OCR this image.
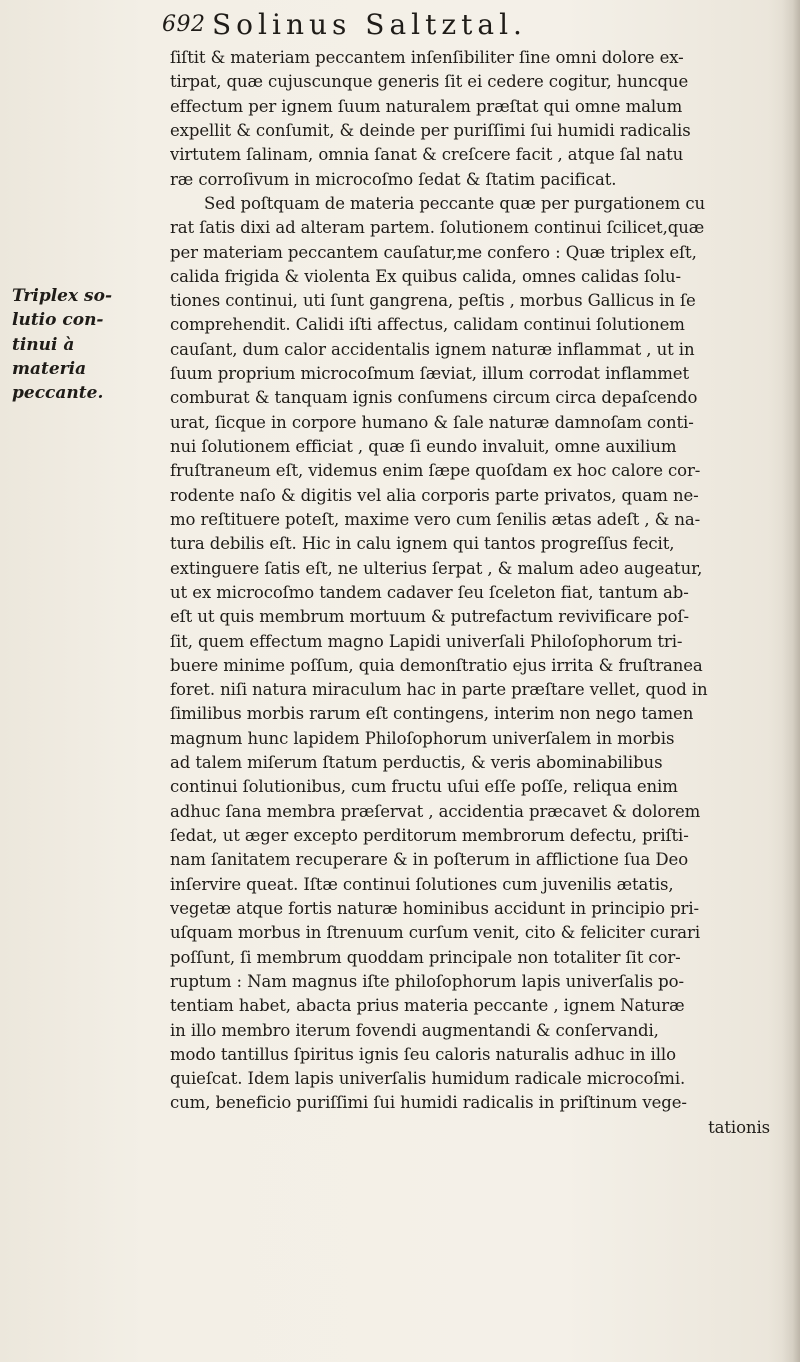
692 Solinus Saltztal.
Triplex so-
lutio con-
tinui à
materia
peccante.
ſiſtit & materiam peccantem inſenſibiliter ſine omni dolore ex-
tirpat, quæ cujuscunque generis ſit ei cedere cogitur, huncque
effectum per ignem ſuum naturalem præſtat qui omne malum
expellit & conſumit, & deinde per puriſſimi ſui humidi radicalis
virtutem ſalinam, omnia ſanat & creſcere facit , atque ſal natu
ræ corroſivum in microcoſmo ſedat & ſtatim pacificat.
Sed poſtquam de materia peccante quæ per purgationem cu
rat ſatis dixi ad alteram partem. ſolutionem continui ſcilicet,quæ
per materiam peccantem cauſatur,me confero : Quæ triplex eſt,
calida frigida & violenta Ex quibus calida, omnes calidas ſolu-
tiones continui, uti ſunt gangrena, peſtis , morbus Gallicus in ſe
comprehendit. Calidi iſti affectus, calidam continui ſolutionem
cauſant, dum calor accidentalis ignem naturæ inflammat , ut in
ſuum proprium microcoſmum ſæviat, illum corrodat inflammet
comburat & tanquam ignis conſumens circum circa depaſcendo
urat, ſicque in corpore humano & ſale naturæ damnoſam conti-
nui ſolutionem efficiat , quæ ſi eundo invaluit, omne auxilium
fruſtraneum eſt, videmus enim ſæpe quoſdam ex hoc calore cor-
rodente naſo & digitis vel alia corporis parte privatos, quam ne-
mo reſtituere poteſt, maxime vero cum ſenilis ætas adeſt , & na-
tura debilis eſt. Hic in calu ignem qui tantos progreſſus fecit,
extinguere ſatis eſt, ne ulterius ſerpat , & malum adeo augeatur,
ut ex microcoſmo tandem cadaver ſeu ſceleton fiat, tantum ab-
eſt ut quis membrum mortuum & putrefactum revivificare poſ-
ſit, quem effectum magno Lapidi univerſali Philoſophorum tri-
buere minime poſſum, quia demonſtratio ejus irrita & fruſtranea
foret. niſi natura miraculum hac in parte præſtare vellet, quod in
ſimilibus morbis rarum eſt contingens, interim non nego tamen
magnum hunc lapidem Philoſophorum univerſalem in morbis
ad talem miſerum ſtatum perductis, & veris abominabilibus
continui ſolutionibus, cum fructu uſui eſſe poſſe, reliqua enim
adhuc ſana membra præſervat , accidentia præcavet & dolorem
ſedat, ut æger excepto perditorum membrorum defectu, priſti-
nam ſanitatem recuperare & in poſterum in afflictione ſua Deo
inſervire queat. Iſtæ continui ſolutiones cum juvenilis ætatis,
vegetæ atque fortis naturæ hominibus accidunt in principio pri-
uſquam morbus in ſtrenuum curſum venit, cito & feliciter curari
poſſunt, ſi membrum quoddam principale non totaliter ſit cor-
ruptum : Nam magnus iſte philoſophorum lapis univerſalis po-
tentiam habet, abacta prius materia peccante , ignem Naturæ
in illo membro iterum fovendi augmentandi & conſervandi,
modo tantillus ſpiritus ignis ſeu caloris naturalis adhuc in illo
quieſcat. Idem lapis univerſalis humidum radicale microcoſmi.
cum, beneficio puriſſimi ſui humidi radicalis in priſtinum vege-
tationis
